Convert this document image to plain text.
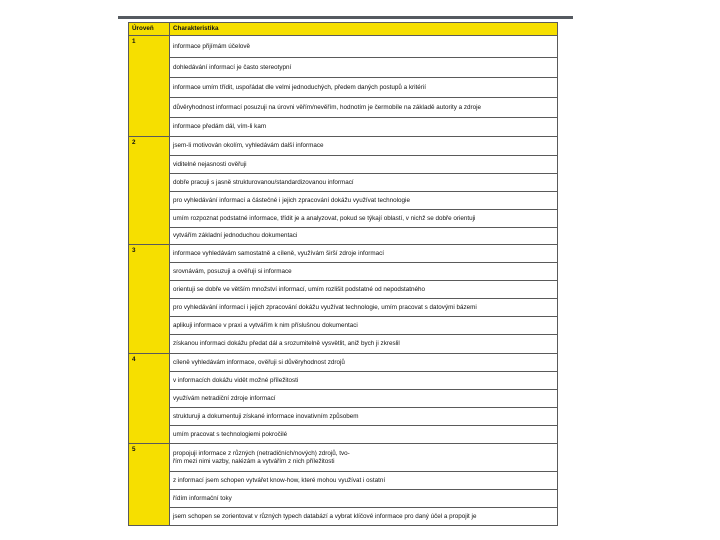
Úroveň	Charakteristika
1	informace přijímám účelově
	dohledávání informací je často stereotypní
	informace umím třídit, uspořádat dle velmi jednoduchých, předem daných postupů a kritérií
	důvěryhodnost informací posuzuji na úrovni věřím/nevěřím, hodnotím je čermobíle na základě autority a zdroje
	informace předám dál, vím-li kam
2	jsem-li motivován okolím, vyhledávám další informace
	viditelné nejasnosti ověřuji
	dobře pracuji s jasně strukturovanou/standardizovanou informací
	pro vyhledávání informací a částečné i jejich zpracování dokážu využívat technologie
	umím rozpoznat podstatné informace, třídit je a analyzovat, pokud se týkají oblastí, v nichž se dobře orientuji
	vytvářím základní jednoduchou dokumentaci
3	informace vyhledávám samostatně a cíleně, využívám širší zdroje informací
	srovnávám, posuzuji a ověřuji si informace
	orientuji se dobře ve větším množství informací, umím rozlišit podstatné od nepodstatného
	pro vyhledávání informací i jejich zpracování dokážu využívat technologie, umím pracovat s datovými bázemi
	aplikuji informace v praxi a vytvářím k nim příslušnou dokumentaci
	získanou informaci dokážu předat dál a srozumitelně vysvětlit, aniž bych ji zkreslil
4	cíleně vyhledávám informace, ověřuji si důvěryhodnost zdrojů
	v informacích dokážu vidět možné příležitosti
	využívám netradiční zdroje informací
	strukturuji a dokumentuji získané informace inovativním způsobem
	umím pracovat s technologiemi pokročilé
5	propojuji informace z různých (netradičních/nových) zdrojů, tvo-
řím mezi nimi vazby, nalézám a vytvářím z nich příležitosti
	z informací jsem schopen vytvářet know-how, které mohou využívat i ostatní
	řídím informační toky
	jsem schopen se zorientovat v různých typech databází a vybrat klíčové informace pro daný účel a propojit je
